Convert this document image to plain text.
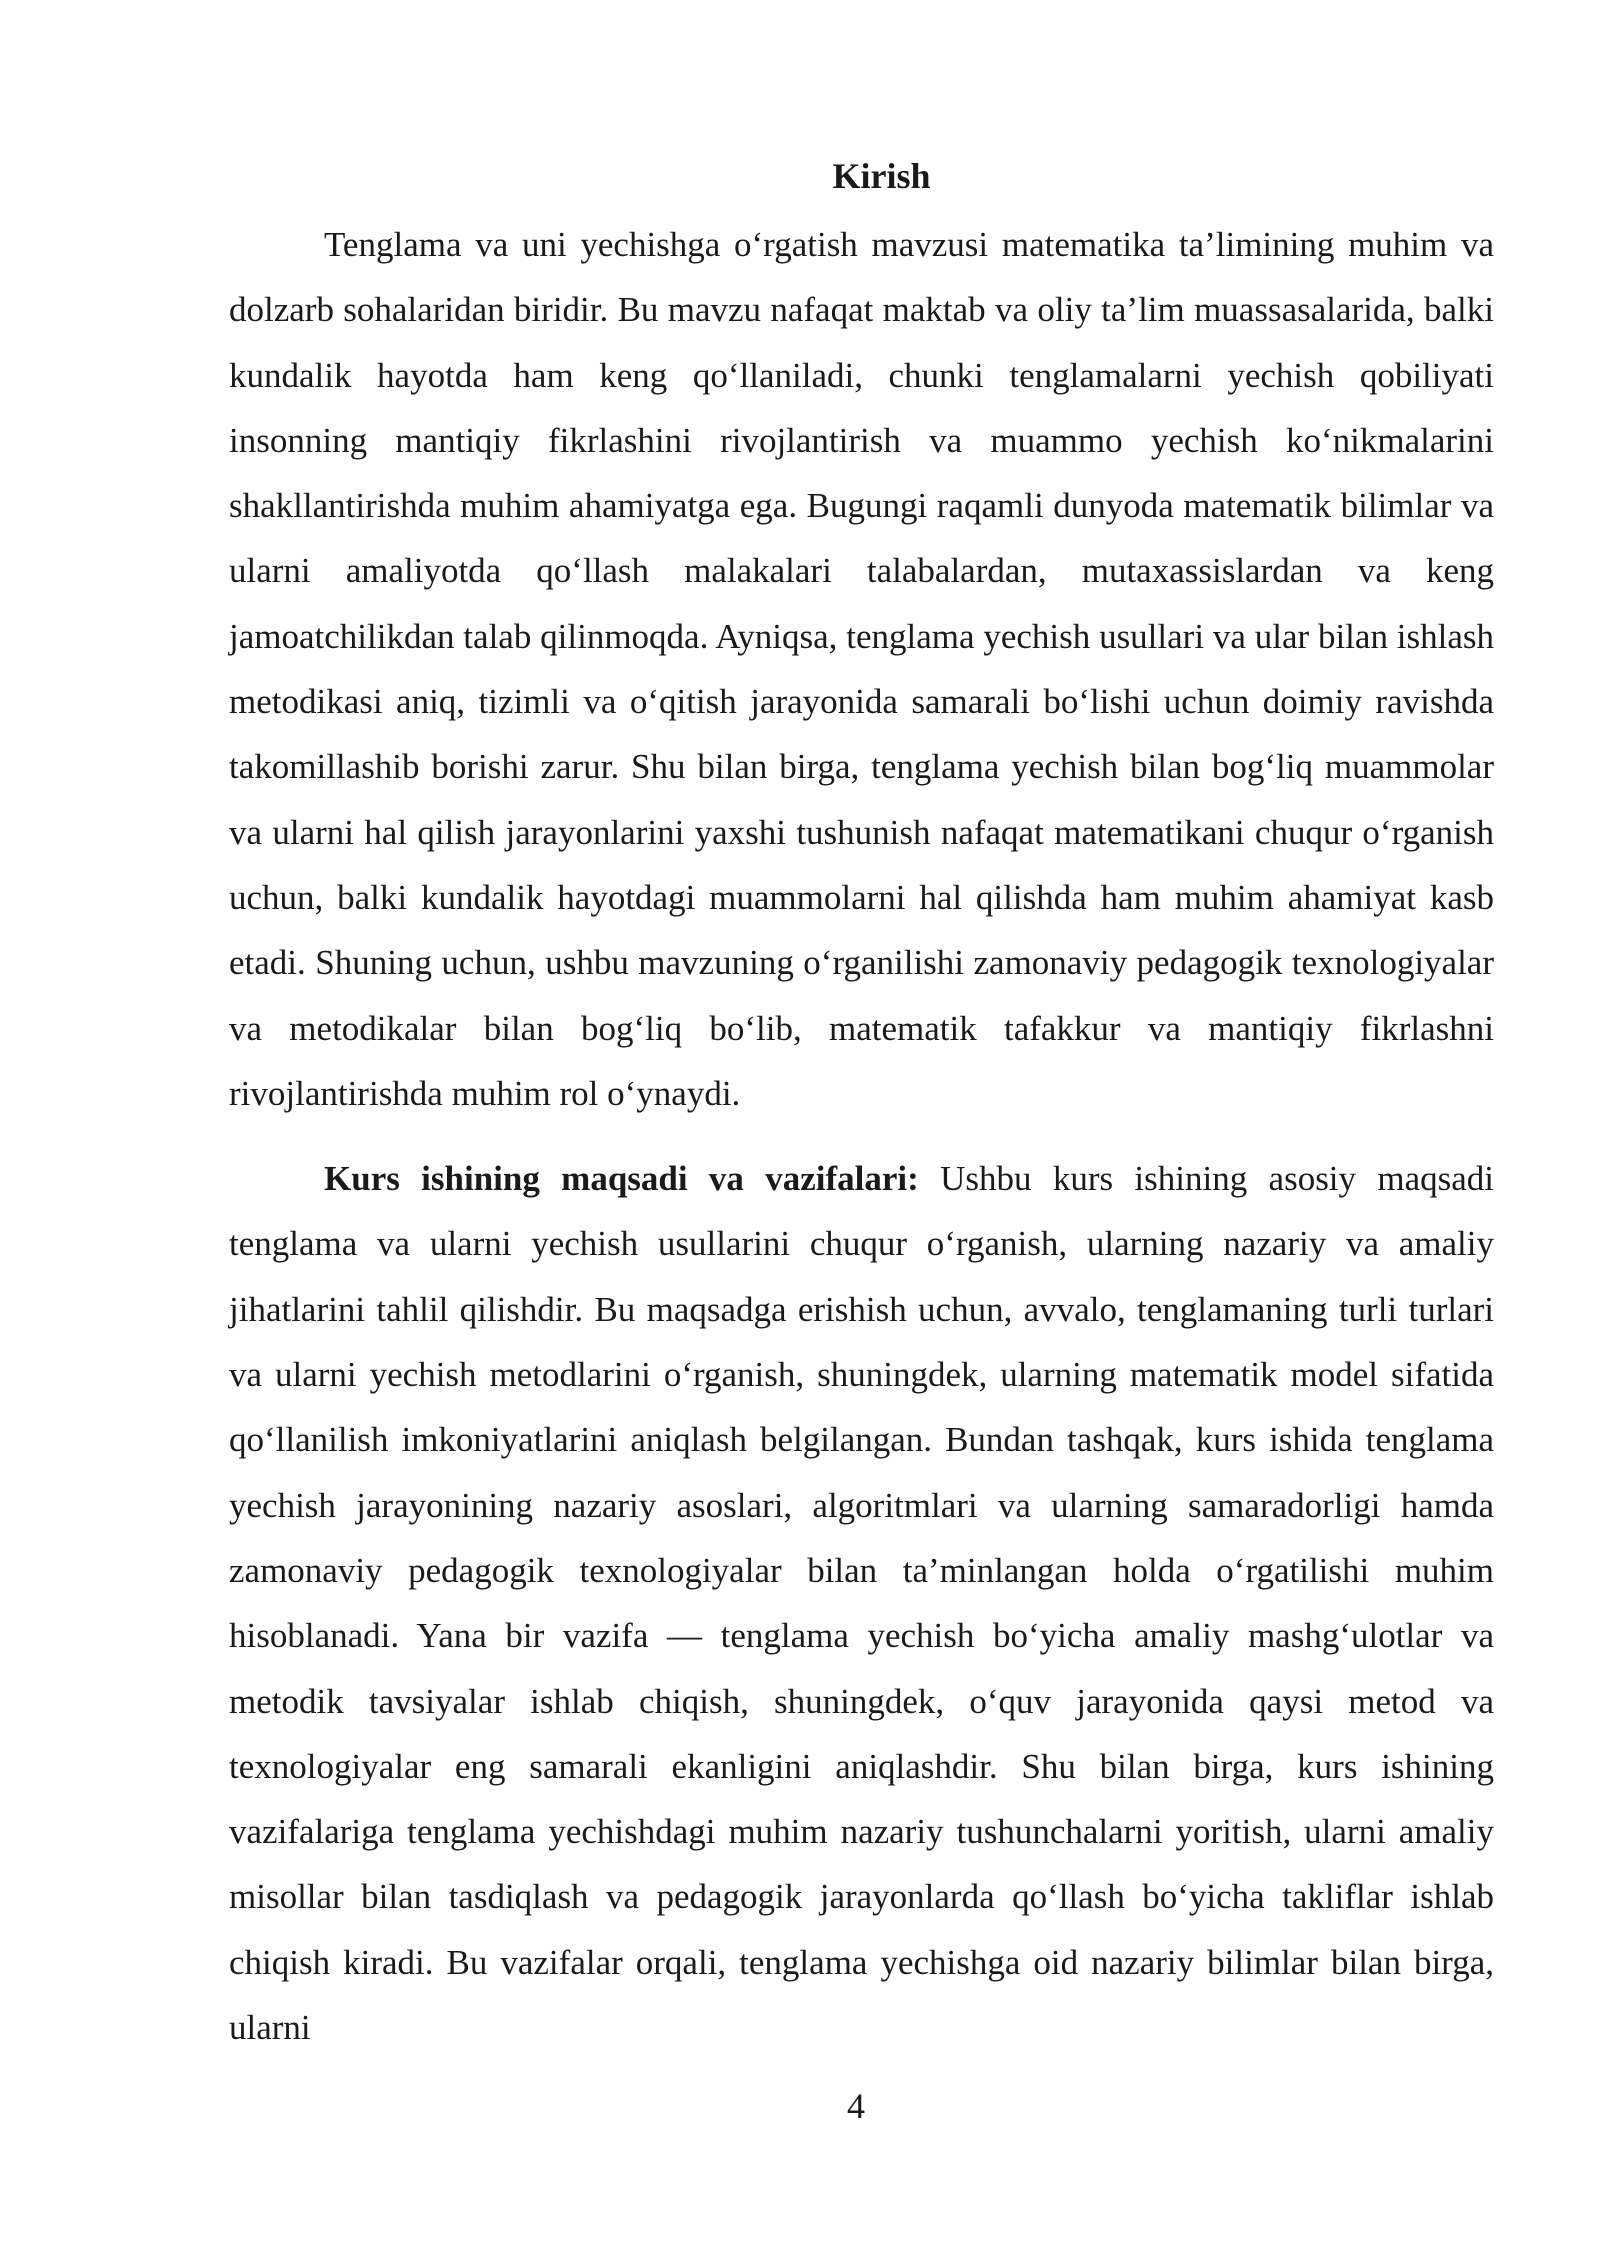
Kirish

Tenglama va uni yechishga o‘rgatish mavzusi matematika ta’limining muhim va dolzarb sohalaridan biridir. Bu mavzu nafaqat maktab va oliy ta’lim muassasalarida, balki kundalik hayotda ham keng qo‘llaniladi, chunki tenglamalarni yechish qobiliyati insonning mantiqiy fikrlashini rivojlantirish va muammo yechish ko‘nikmalarini shakllantirishda muhim ahamiyatga ega. Bugungi raqamli dunyoda matematik bilimlar va ularni amaliyotda qo‘llash malakalari talabalardan, mutaxassislardan va keng jamoatchilikdan talab qilinmoqda. Ayniqsa, tenglama yechish usullari va ular bilan ishlash metodikasi aniq, tizimli va o‘qitish jarayonida samarali bo‘lishi uchun doimiy ravishda takomillashib borishi zarur. Shu bilan birga, tenglama yechish bilan bog‘liq muammolar va ularni hal qilish jarayonlarini yaxshi tushunish nafaqat matematikani chuqur o‘rganish uchun, balki kundalik hayotdagi muammolarni hal qilishda ham muhim ahamiyat kasb etadi. Shuning uchun, ushbu mavzuning o‘rganilishi zamonaviy pedagogik texnologiyalar va metodikalar bilan bog‘liq bo‘lib, matematik tafakkur va mantiqiy fikrlashni rivojlantirishda muhim rol o‘ynaydi.

Kurs ishining maqsadi va vazifalari: Ushbu kurs ishining asosiy maqsadi tenglama va ularni yechish usullarini chuqur o‘rganish, ularning nazariy va amaliy jihatlarini tahlil qilishdir. Bu maqsadga erishish uchun, avvalo, tenglamaning turli turlari va ularni yechish metodlarini o‘rganish, shuningdek, ularning matematik model sifatida qo‘llanilish imkoniyatlarini aniqlash belgilangan. Bundan tashqak, kurs ishida tenglama yechish jarayonining nazariy asoslari, algoritmlari va ularning samaradorligi hamda zamonaviy pedagogik texnologiyalar bilan ta’minlangan holda o‘rgatilishi muhim hisoblanadi. Yana bir vazifa — tenglama yechish bo‘yicha amaliy mashg‘ulotlar va metodik tavsiyalar ishlab chiqish, shuningdek, o‘quv jarayonida qaysi metod va texnologiyalar eng samarali ekanligini aniqlashdir. Shu bilan birga, kurs ishining vazifalariga tenglama yechishdagi muhim nazariy tushunchalarni yoritish, ularni amaliy misollar bilan tasdiqlash va pedagogik jarayonlarda qo‘llash bo‘yicha takliflar ishlab chiqish kiradi. Bu vazifalar orqali, tenglama yechishga oid nazariy bilimlar bilan birga, ularni

4
